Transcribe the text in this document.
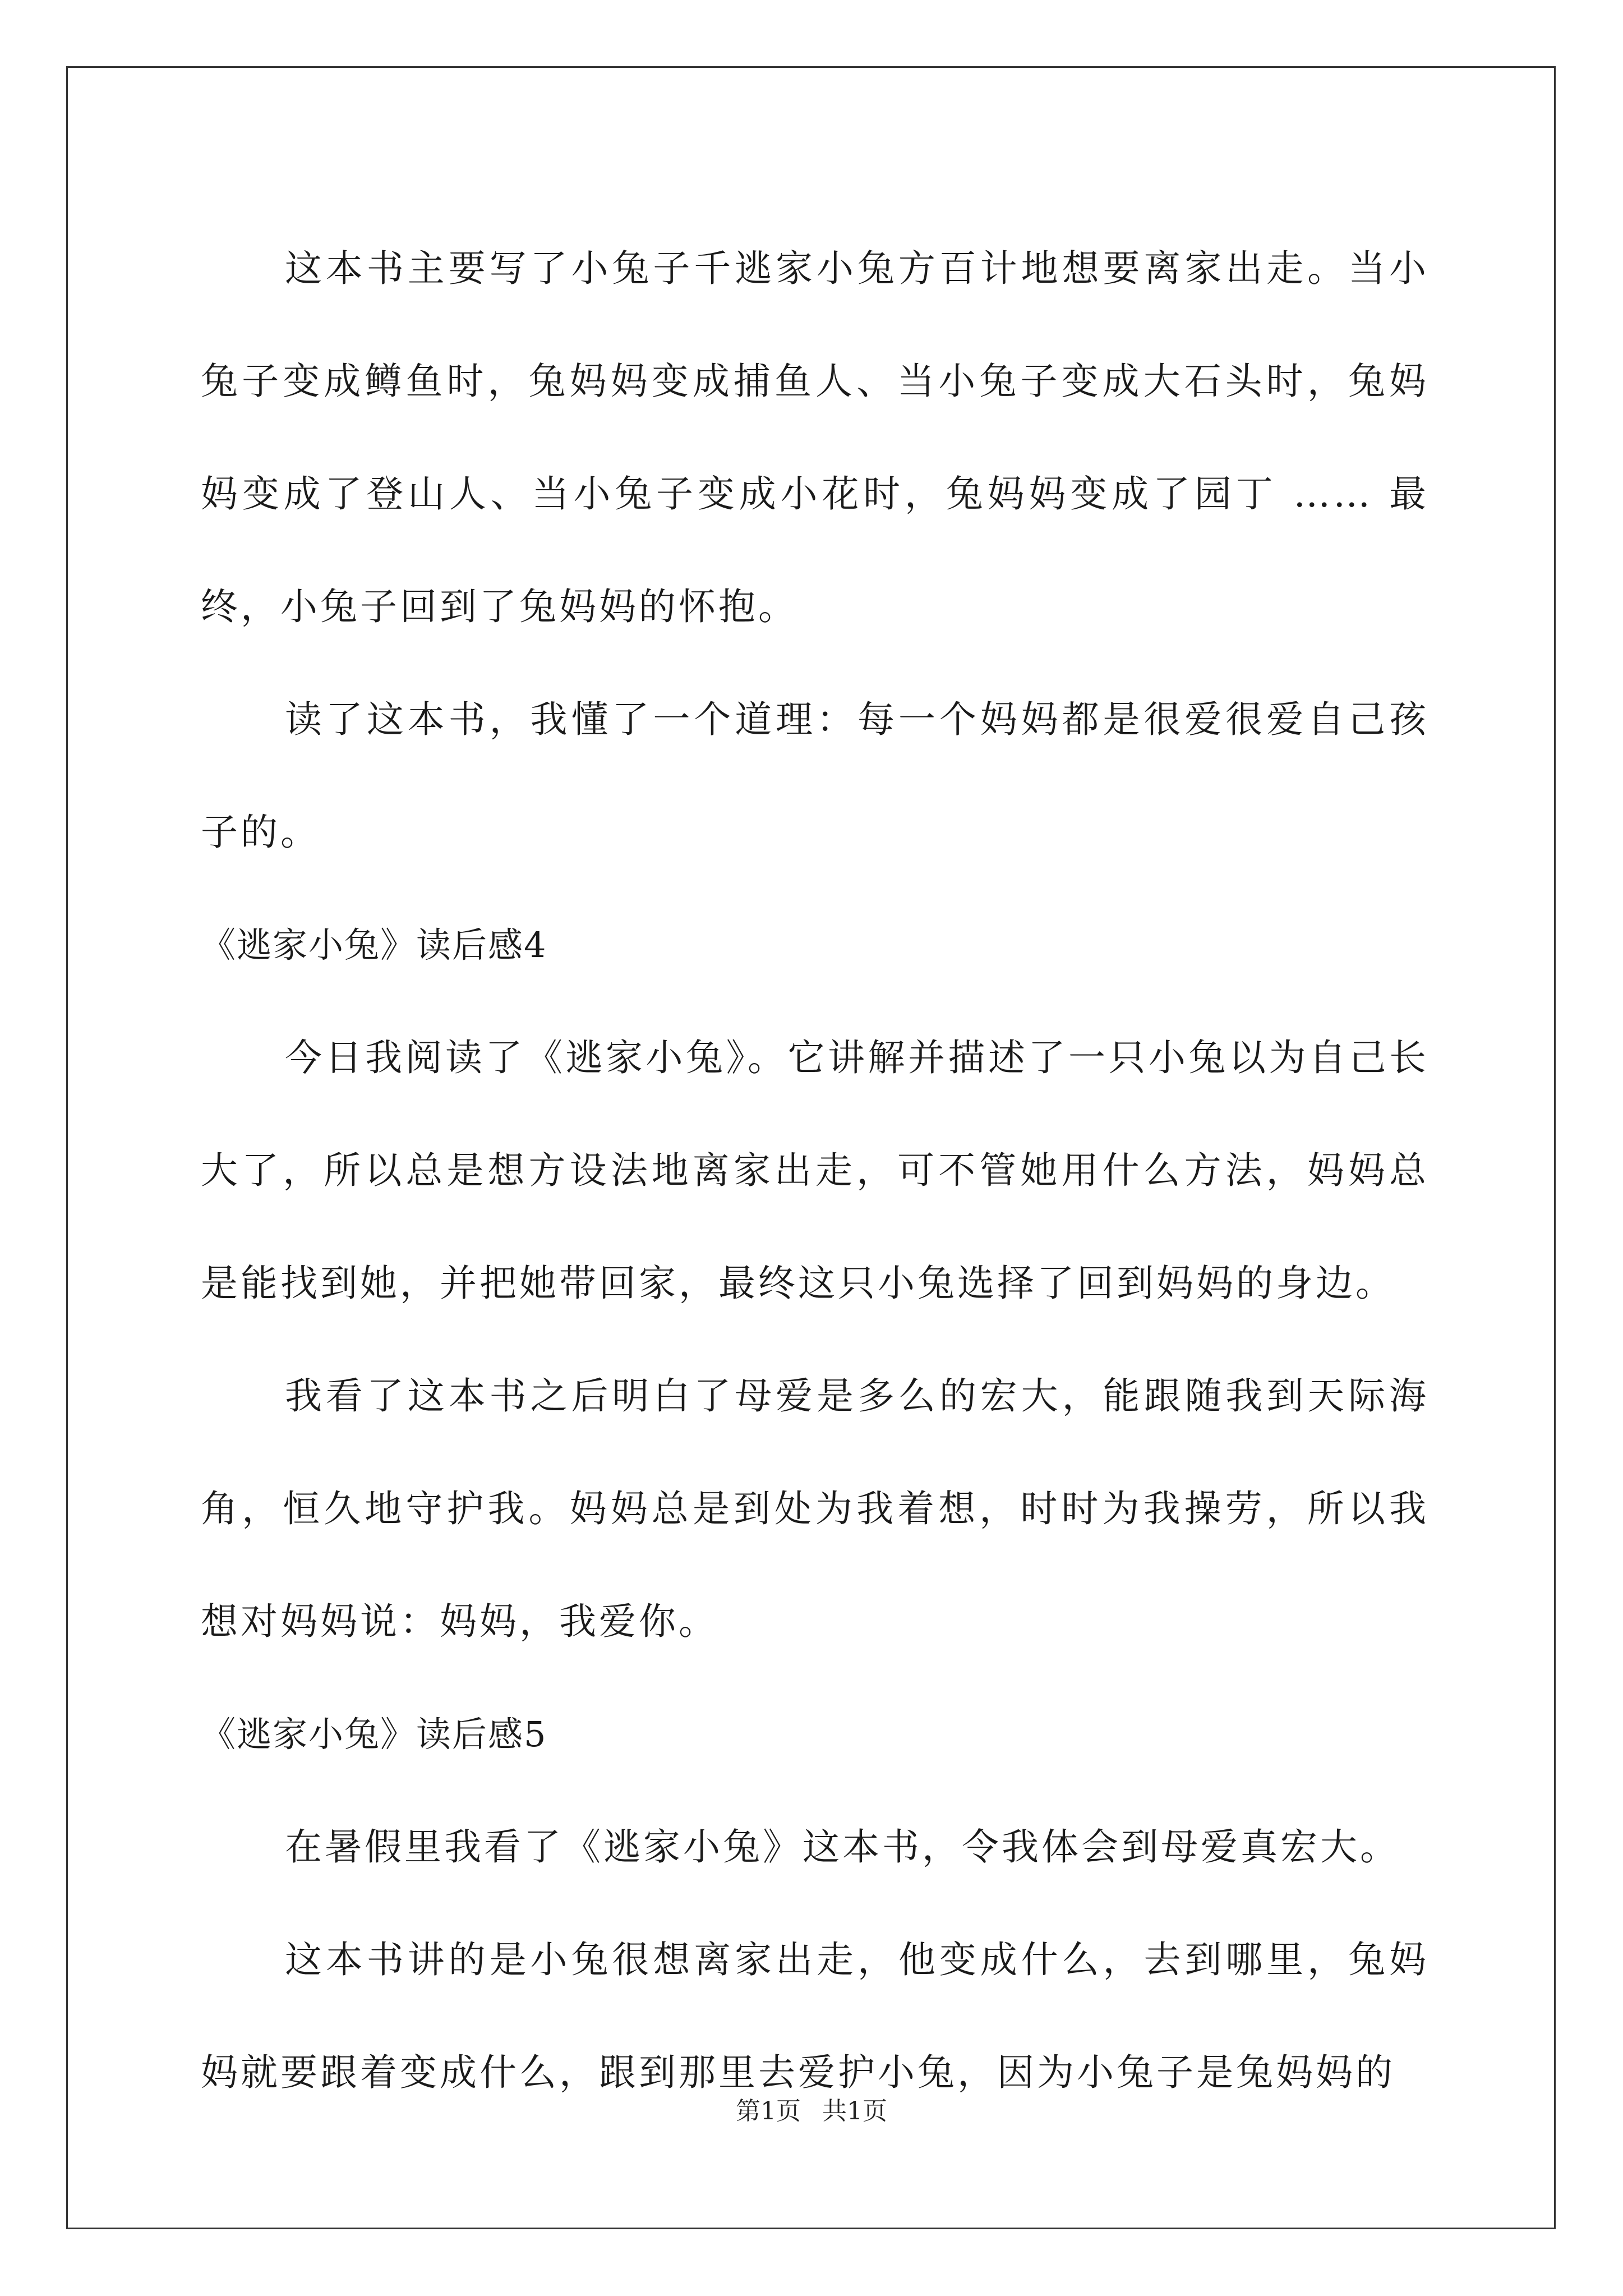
这本书主要写了小兔子千逃家小兔方百计地想要离家出走。当小兔子变成鳟鱼时，兔妈妈变成捕鱼人、当小兔子变成大石头时，兔妈妈变成了登山人、当小兔子变成小花时，兔妈妈变成了园丁 …… 最终，小兔子回到了兔妈妈的怀抱。

读了这本书，我懂了一个道理：每一个妈妈都是很爱很爱自己孩子的。

《逃家小兔》读后感4

今日我阅读了《逃家小兔》。它讲解并描述了一只小兔以为自己长大了，所以总是想方设法地离家出走，可不管她用什么方法，妈妈总是能找到她，并把她带回家，最终这只小兔选择了回到妈妈的身边。

我看了这本书之后明白了母爱是多么的宏大，能跟随我到天际海角，恒久地守护我。妈妈总是到处为我着想，时时为我操劳，所以我想对妈妈说：妈妈，我爱你。

《逃家小兔》读后感5

在暑假里我看了《逃家小兔》这本书，令我体会到母爱真宏大。

这本书讲的是小兔很想离家出走，他变成什么，去到哪里，兔妈妈就要跟着变成什么，跟到那里去爱护小兔，因为小兔子是兔妈妈的

第1页 共1页
